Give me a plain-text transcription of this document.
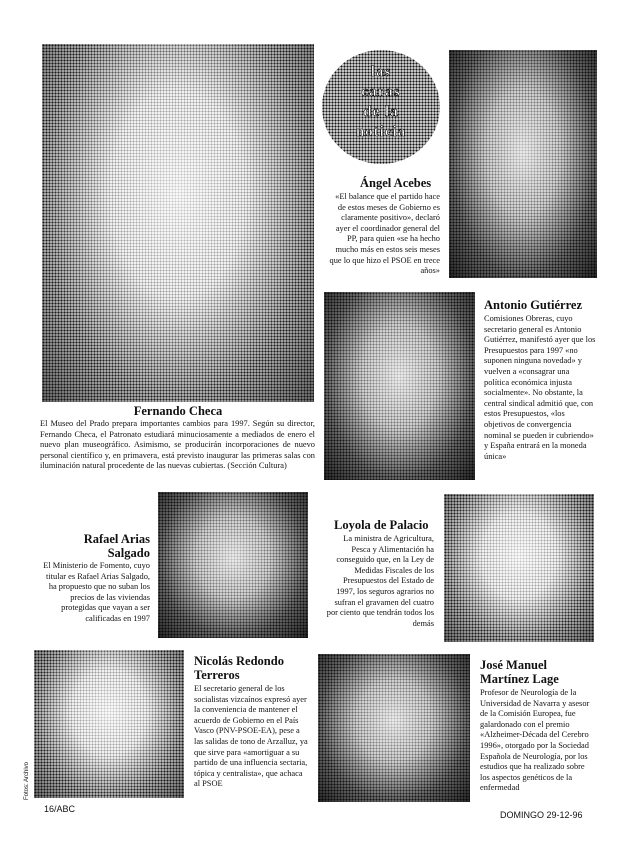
Fernando Checa
El Museo del Prado prepara importantes cambios para 1997. Según su director, Fernando Checa, el Patronato estudiará minuciosamente a mediados de enero el nuevo plan museográfico. Asimismo, se producirán incorporaciones de nuevo personal científico y, en primavera, está previsto inaugurar las primeras salas con iluminación natural procedente de las nuevas cubiertas. (Sección Cultura)
las
caras
de la
noticia
Ángel Acebes
«El balance que el partido hace de estos meses de Gobierno es claramente positivo», declaró ayer el coordinador general del PP, para quien «se ha hecho mucho más en estos seis meses que lo que hizo el PSOE en trece años»
Antonio Gutiérrez
Comisiones Obreras, cuyo secretario general es Antonio Gutiérrez, manifestó ayer que los Presupuestos para 1997 «no suponen ninguna novedad» y vuelven a «consagrar una política económica injusta socialmente». No obstante, la central sindical admitió que, con estos Presupuestos, «los objetivos de convergencia nominal se pueden ir cubriendo» y España entrará en la moneda única»
Rafael Arias
Salgado
El Ministerio de Fomento, cuyo titular es Rafael Arias Salgado, ha propuesto que no suban los precios de las viviendas protegidas que vayan a ser calificadas en 1997
Loyola de Palacio
La ministra de Agricultura, Pesca y Alimentación ha conseguido que, en la Ley de Medidas Fiscales de los Presupuestos del Estado de 1997, los seguros agrarios no sufran el gravamen del cuatro por ciento que tendrán todos los demás
Nicolás Redondo
Terreros
El secretario general de los socialistas vizcaínos expresó ayer la conveniencia de mantener el acuerdo de Gobierno en el País Vasco (PNV-PSOE-EA), pese a las salidas de tono de Arzalluz, ya que sirve para «amortiguar a su partido de una influencia sectaria, tópica y centralista», que achaca al PSOE
José Manuel
Martínez Lage
Profesor de Neurología de la Universidad de Navarra y asesor de la Comisión Europea, fue galardonado con el premio «Alzheimer-Década del Cerebro 1996», otorgado por la Sociedad Española de Neurología, por los estudios que ha realizado sobre los aspectos genéticos de la enfermedad
Fotos: Archivo
16/ABC
DOMINGO 29-12-96
